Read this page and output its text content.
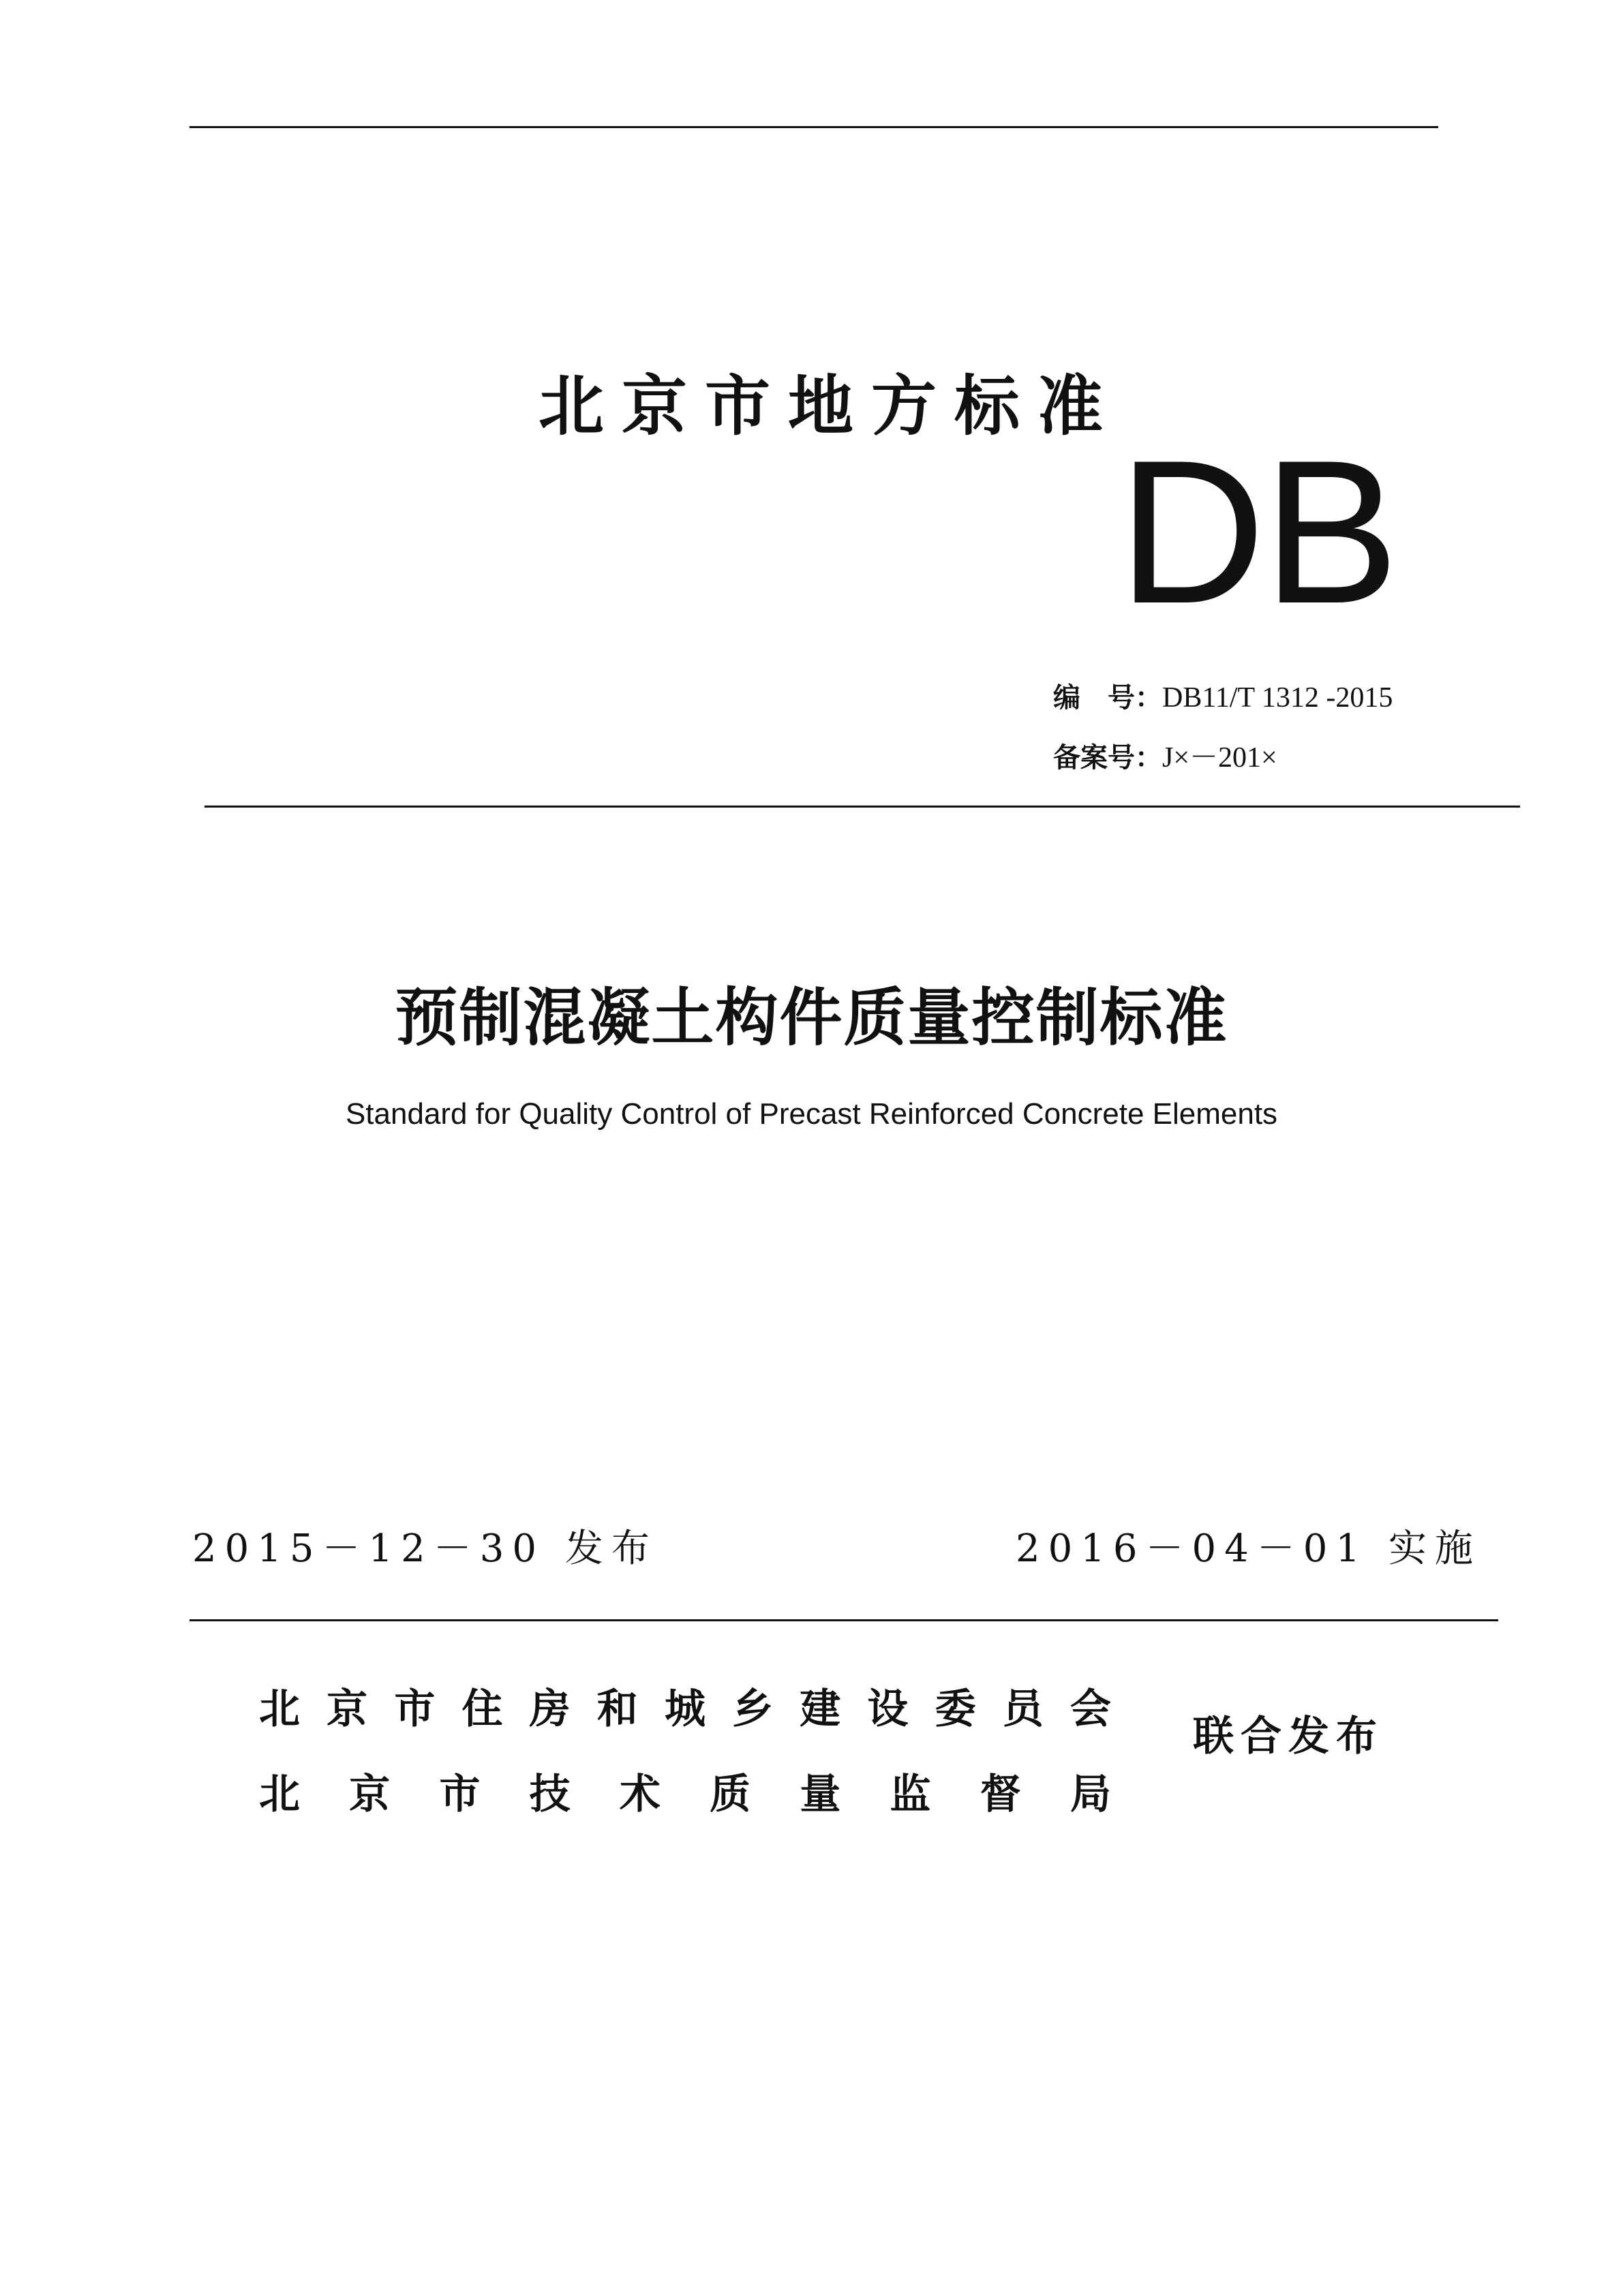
北京市地方标准
DB
编　号：DB11/T 1312 -2015
备案号：J×－201×
预制混凝土构件质量控制标准
Standard for Quality Control of Precast Reinforced Concrete Elements
2015－12－30 发布	2016－04－01 实施
北 京 市 住 房 和 城 乡 建 设 委 员 会
北 京 市 技 术 质 量 监 督 局
联合发布
